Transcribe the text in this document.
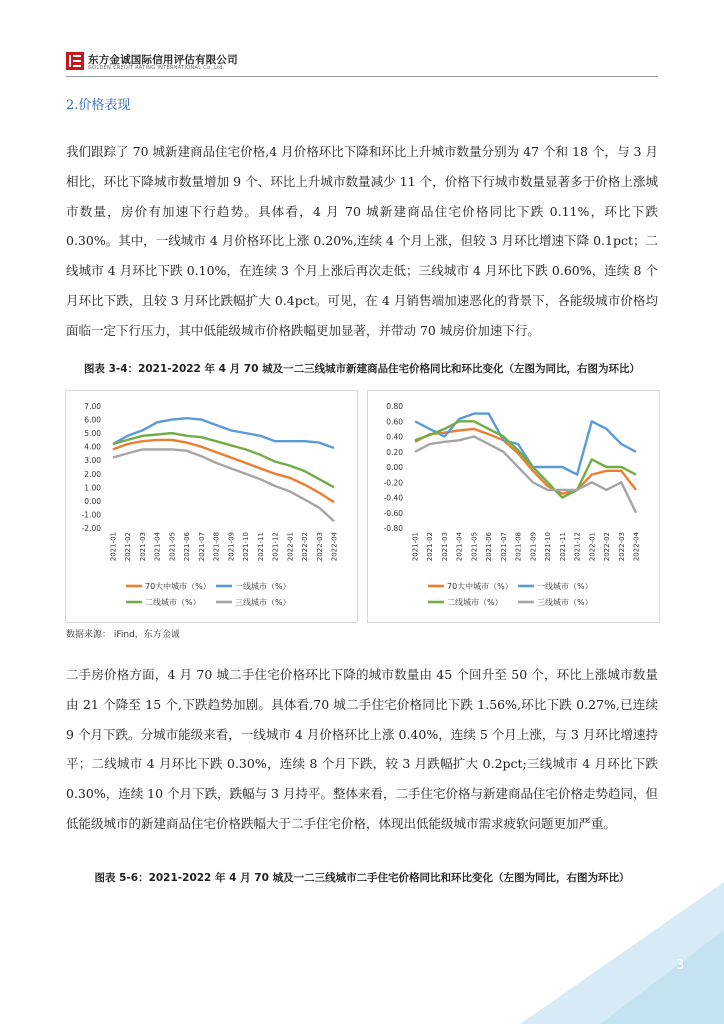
东方金诚国际信用评估有限公司
GOLDEN CREDIT RATING INTERNATIONAL Co.,Ltd.
2.价格表现

我们跟踪了 70 城新建商品住宅价格,4 月价格环比下降和环比上升城市数量分别为 47 个和 18 个，与 3 月相比，环比下降城市数量增加 9 个、环比上升城市数量减少 11 个，价格下行城市数量显著多于价格上涨城市数量，房价有加速下行趋势。具体看，4 月 70 城新建商品住宅价格同比下跌 0.11%，环比下跌 0.30%。其中，一线城市 4 月价格环比上涨 0.20%,连续 4 个月上涨，但较 3 月环比增速下降 0.1pct；二线城市 4 月环比下跌 0.10%，在连续 3 个月上涨后再次走低；三线城市 4 月环比下跌 0.60%，连续 8 个月环比下跌，且较 3 月环比跌幅扩大 0.4pct。可见，在 4 月销售端加速恶化的背景下，各能级城市价格均面临一定下行压力，其中低能级城市价格跌幅更加显著，并带动 70 城房价加速下行。

图表 3-4：2021-2022 年 4 月 70 城及一二三线城市新建商品住宅价格同比和环比变化（左图为同比，右图为环比）
7.00
6.00
5.00
4.00
3.00
2.00
1.00
0.00
-1.00
-2.00
2021-01 2021-02 2021-03 2021-04 2021-05 2021-06 2021-07 2021-08 2021-09 2021-10 2021-11 2021-12 2022-01 2022-02 2022-03 2022-04
70大中城市（%）	一线城市（%）
二线城市（%）	三线城市（%）
0.80
0.60
0.40
0.20
0.00
-0.20
-0.40
-0.60
-0.80
2021-01 2021-02 2021-03 2021-04 2021-05 2021-06 2021-07 2021-08 2021-09 2021-10 2021-11 2021-12 2022-01 2022-02 2022-03 2022-04
70大中城市（%）	一线城市（%）
二线城市（%）	三线城市（%）
数据来源： iFind，东方金诚

二手房价格方面，4 月 70 城二手住宅价格环比下降的城市数量由 45 个回升至 50 个，环比上涨城市数量由 21 个降至 15 个,下跌趋势加剧。具体看,70 城二手住宅价格同比下跌 1.56%,环比下跌 0.27%,已连续 9 个月下跌。分城市能级来看，一线城市 4 月价格环比上涨 0.40%，连续 5 个月上涨，与 3 月环比增速持平；二线城市 4 月环比下跌 0.30%，连续 8 个月下跌，较 3 月跌幅扩大 0.2pct;三线城市 4 月环比下跌 0.30%，连续 10 个月下跌，跌幅与 3 月持平。整体来看，二手住宅价格与新建商品住宅价格走势趋同，但低能级城市的新建商品住宅价格跌幅大于二手住宅价格，体现出低能级城市需求疲软问题更加严重。

图表 5-6：2021-2022 年 4 月 70 城及一二三线城市二手住宅价格同比和环比变化（左图为同比，右图为环比）
3
